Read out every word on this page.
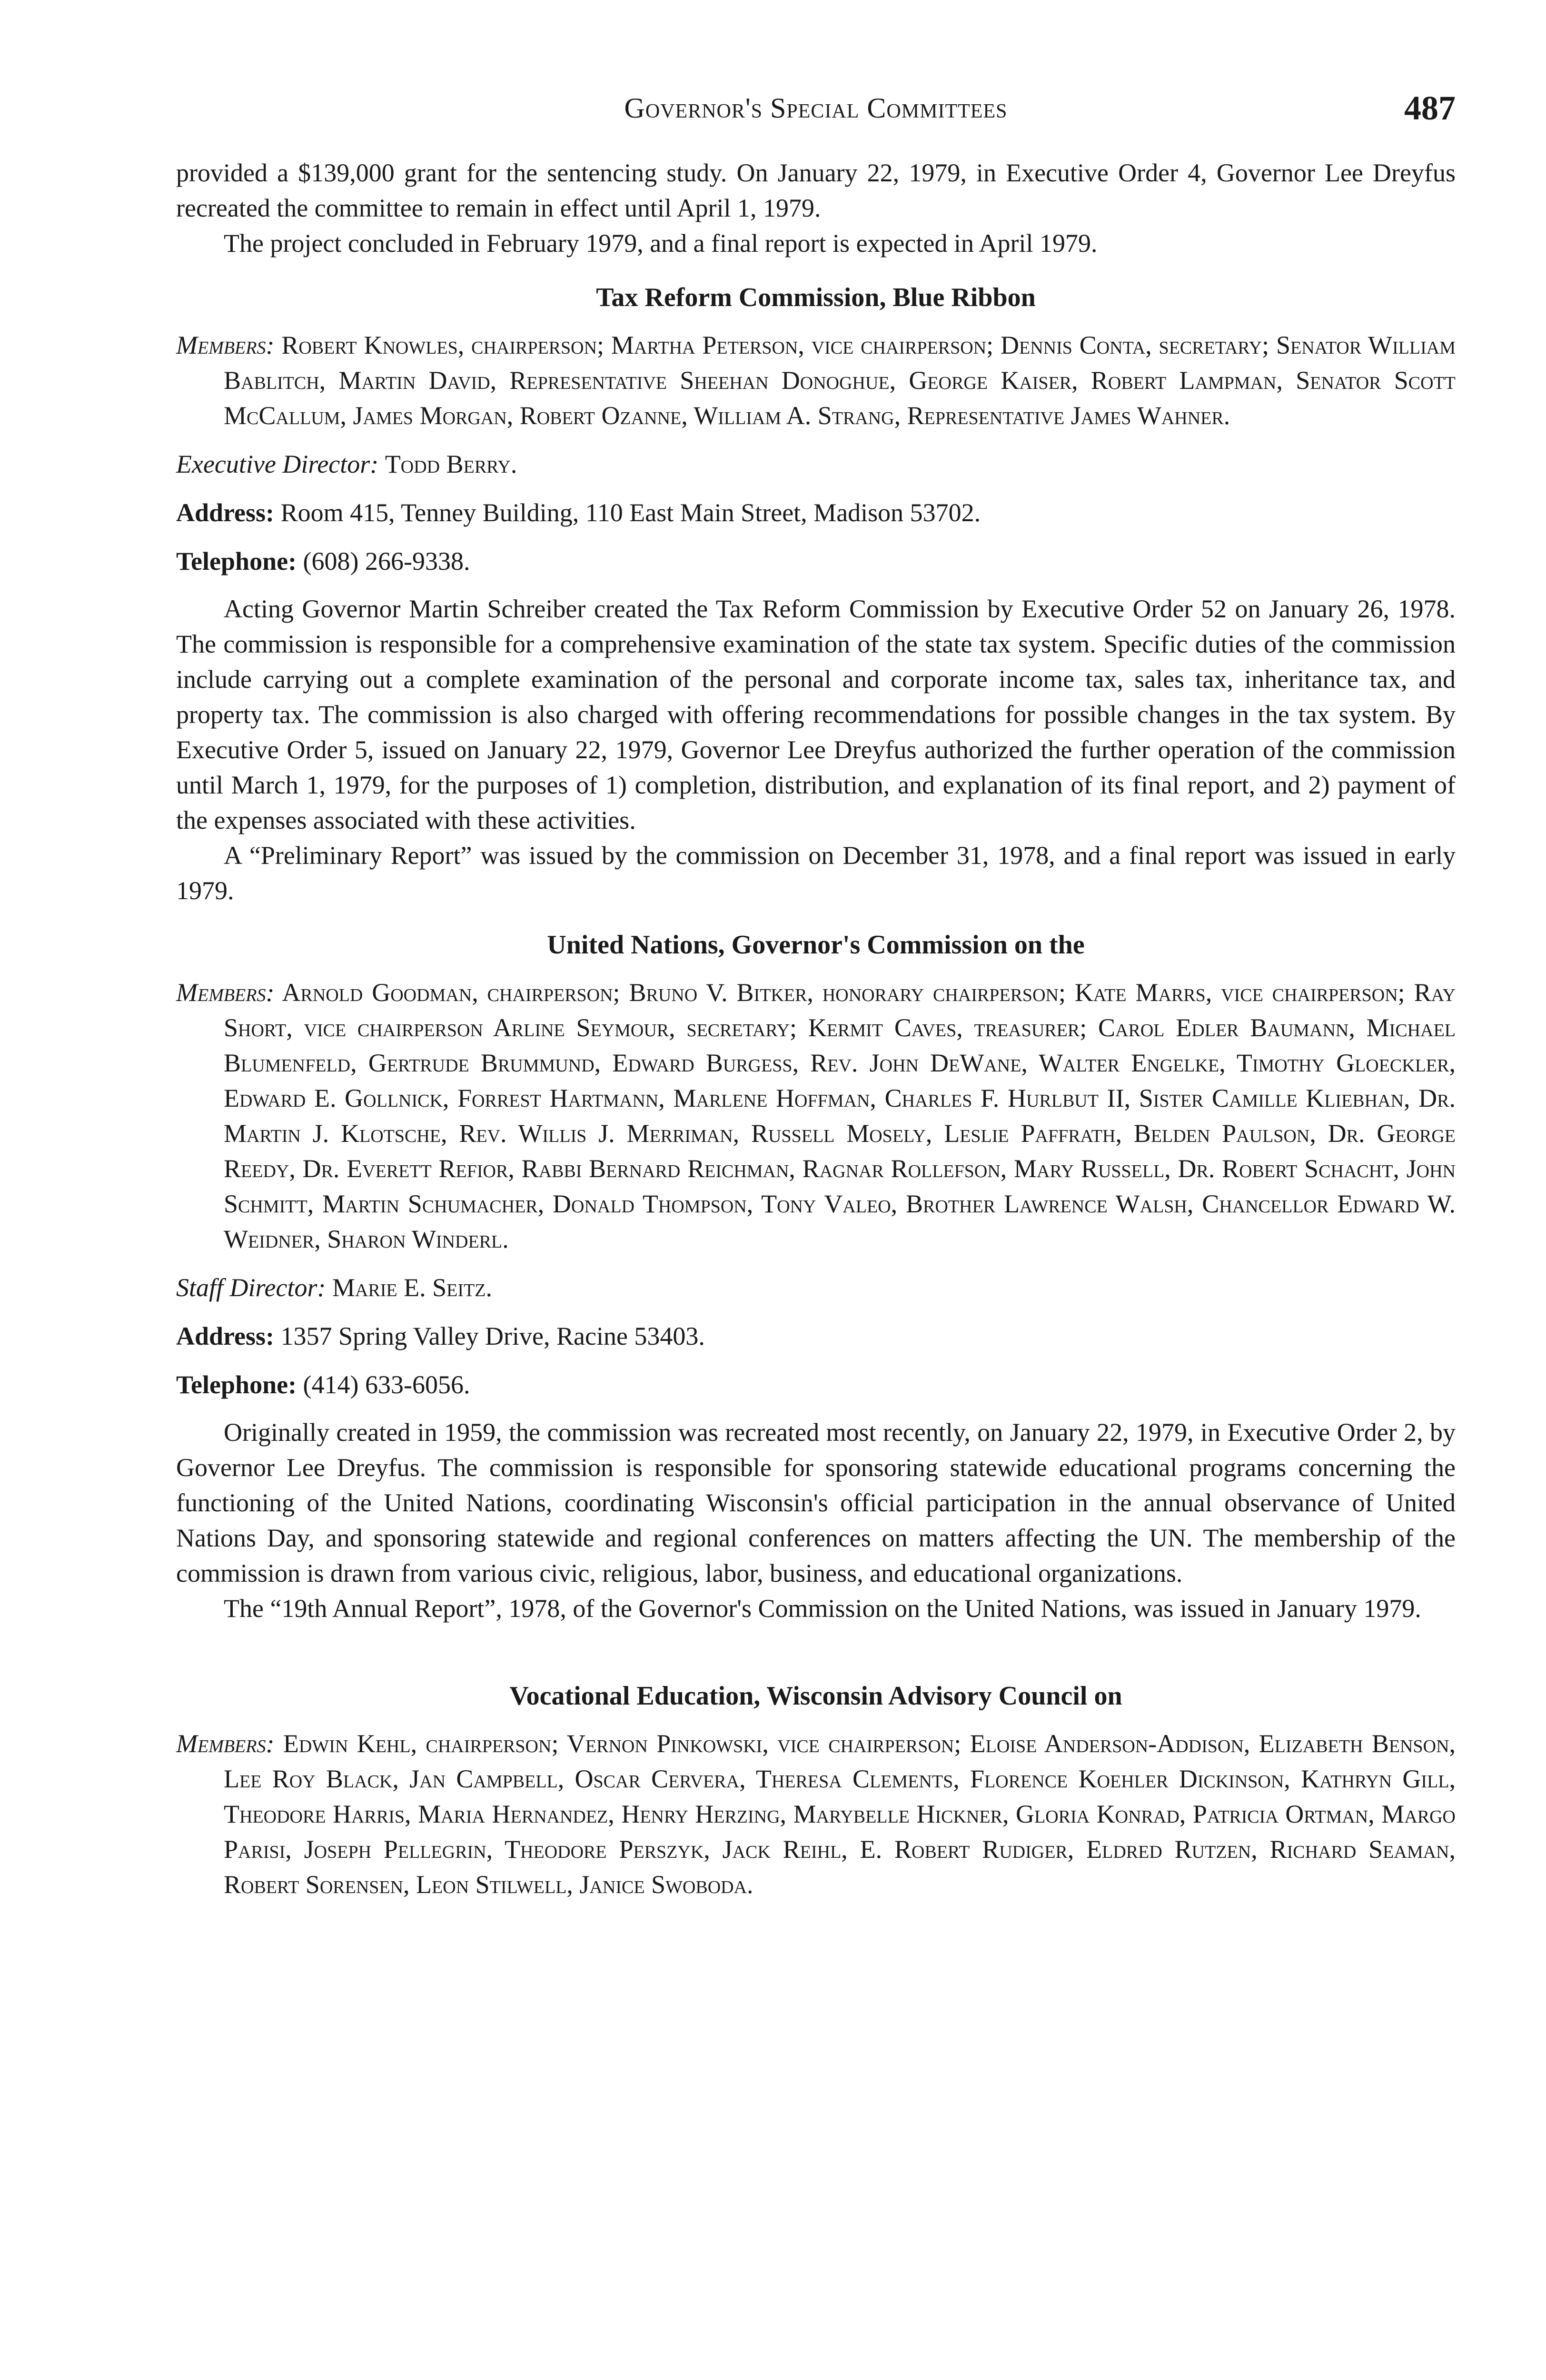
Governor's Special Committees	487

provided a $139,000 grant for the sentencing study. On January 22, 1979, in Executive Order 4, Governor Lee Dreyfus recreated the committee to remain in effect until April 1, 1979.

The project concluded in February 1979, and a final report is expected in April 1979.

Tax Reform Commission, Blue Ribbon

Members: Robert Knowles, chairperson; Martha Peterson, vice chairperson; Dennis Conta, secretary; Senator William Bablitch, Martin David, Representative Sheehan Donoghue, George Kaiser, Robert Lampman, Senator Scott McCallum, James Morgan, Robert Ozanne, William A. Strang, Representative James Wahner.

Executive Director: Todd Berry.

Address: Room 415, Tenney Building, 110 East Main Street, Madison 53702.

Telephone: (608) 266-9338.

Acting Governor Martin Schreiber created the Tax Reform Commission by Executive Order 52 on January 26, 1978. The commission is responsible for a comprehensive examination of the state tax system. Specific duties of the commission include carrying out a complete examination of the personal and corporate income tax, sales tax, inheritance tax, and property tax. The commission is also charged with offering recommendations for possible changes in the tax system. By Executive Order 5, issued on January 22, 1979, Governor Lee Dreyfus authorized the further operation of the commission until March 1, 1979, for the purposes of 1) completion, distribution, and explanation of its final report, and 2) payment of the expenses associated with these activities.

A “Preliminary Report” was issued by the commission on December 31, 1978, and a final report was issued in early 1979.

United Nations, Governor's Commission on the

Members: Arnold Goodman, chairperson; Bruno V. Bitker, honorary chairperson; Kate Marrs, vice chairperson; Ray Short, vice chairperson Arline Seymour, secretary; Kermit Caves, treasurer; Carol Edler Baumann, Michael Blumenfeld, Gertrude Brummund, Edward Burgess, Rev. John DeWane, Walter Engelke, Timothy Gloeckler, Edward E. Gollnick, Forrest Hartmann, Marlene Hoffman, Charles F. Hurlbut II, Sister Camille Kliebhan, Dr. Martin J. Klotsche, Rev. Willis J. Merriman, Russell Mosely, Leslie Paffrath, Belden Paulson, Dr. George Reedy, Dr. Everett Refior, Rabbi Bernard Reichman, Ragnar Rollefson, Mary Russell, Dr. Robert Schacht, John Schmitt, Martin Schumacher, Donald Thompson, Tony Valeo, Brother Lawrence Walsh, Chancellor Edward W. Weidner, Sharon Winderl.

Staff Director: Marie E. Seitz.

Address: 1357 Spring Valley Drive, Racine 53403.

Telephone: (414) 633-6056.

Originally created in 1959, the commission was recreated most recently, on January 22, 1979, in Executive Order 2, by Governor Lee Dreyfus. The commission is responsible for sponsoring statewide educational programs concerning the functioning of the United Nations, coordinating Wisconsin's official participation in the annual observance of United Nations Day, and sponsoring statewide and regional conferences on matters affecting the UN. The membership of the commission is drawn from various civic, religious, labor, business, and educational organizations.

The “19th Annual Report”, 1978, of the Governor's Commission on the United Nations, was issued in January 1979.

Vocational Education, Wisconsin Advisory Council on

Members: Edwin Kehl, chairperson; Vernon Pinkowski, vice chairperson; Eloise Anderson-Addison, Elizabeth Benson, Lee Roy Black, Jan Campbell, Oscar Cervera, Theresa Clements, Florence Koehler Dickinson, Kathryn Gill, Theodore Harris, Maria Hernandez, Henry Herzing, Marybelle Hickner, Gloria Konrad, Patricia Ortman, Margo Parisi, Joseph Pellegrin, Theodore Perszyk, Jack Reihl, E. Robert Rudiger, Eldred Rutzen, Richard Seaman, Robert Sorensen, Leon Stilwell, Janice Swoboda.
